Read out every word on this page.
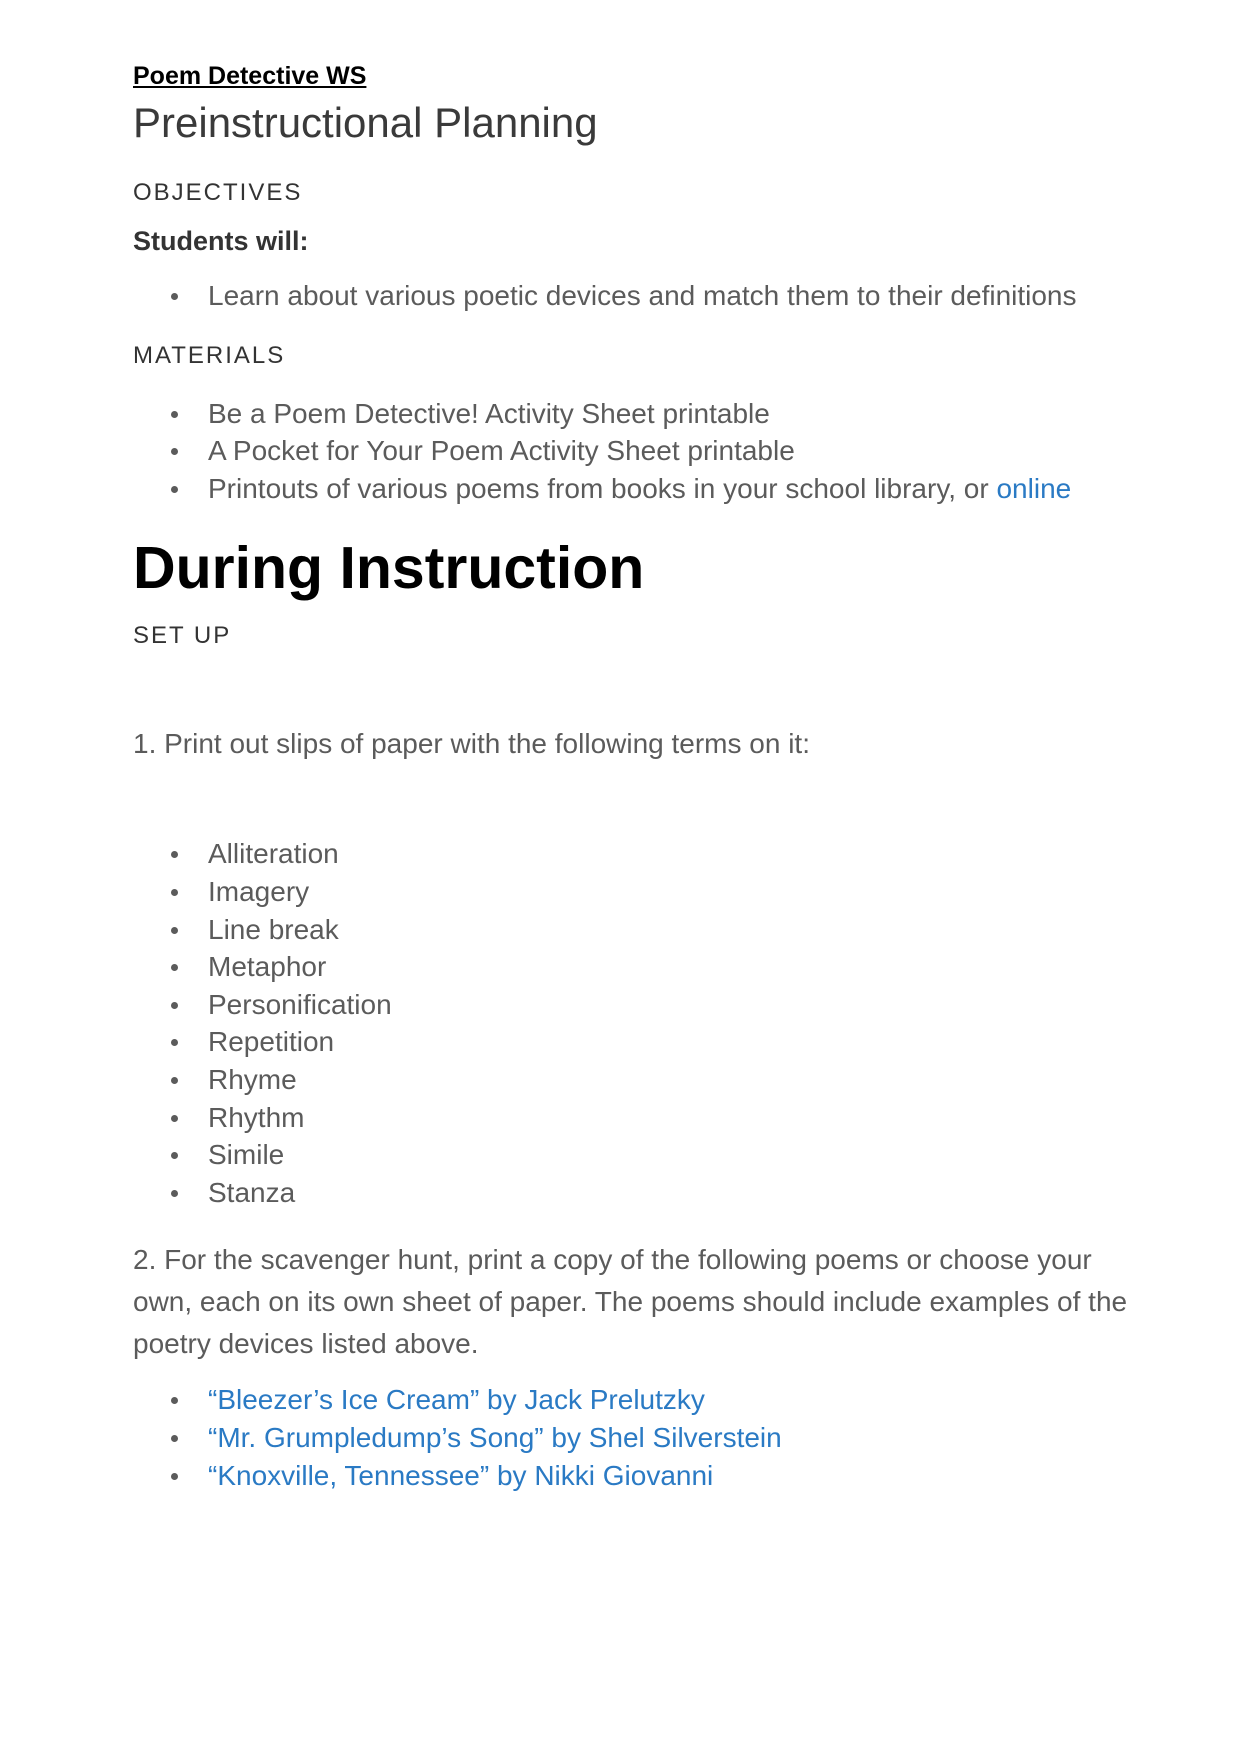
Poem Detective WS
Preinstructional Planning

OBJECTIVES

Students will:

Learn about various poetic devices and match them to their definitions

MATERIALS

Be a Poem Detective! Activity Sheet printable
A Pocket for Your Poem Activity Sheet printable
Printouts of various poems from books in your school library, or online
During Instruction

SET UP

1. Print out slips of paper with the following terms on it:

Alliteration
Imagery
Line break
Metaphor
Personification
Repetition
Rhyme
Rhythm
Simile
Stanza

2. For the scavenger hunt, print a copy of the following poems or choose your own, each on its own sheet of paper. The poems should include examples of the poetry devices listed above.

“Bleezer’s Ice Cream” by Jack Prelutzky
“Mr. Grumpledump’s Song” by Shel Silverstein
“Knoxville, Tennessee” by Nikki Giovanni
